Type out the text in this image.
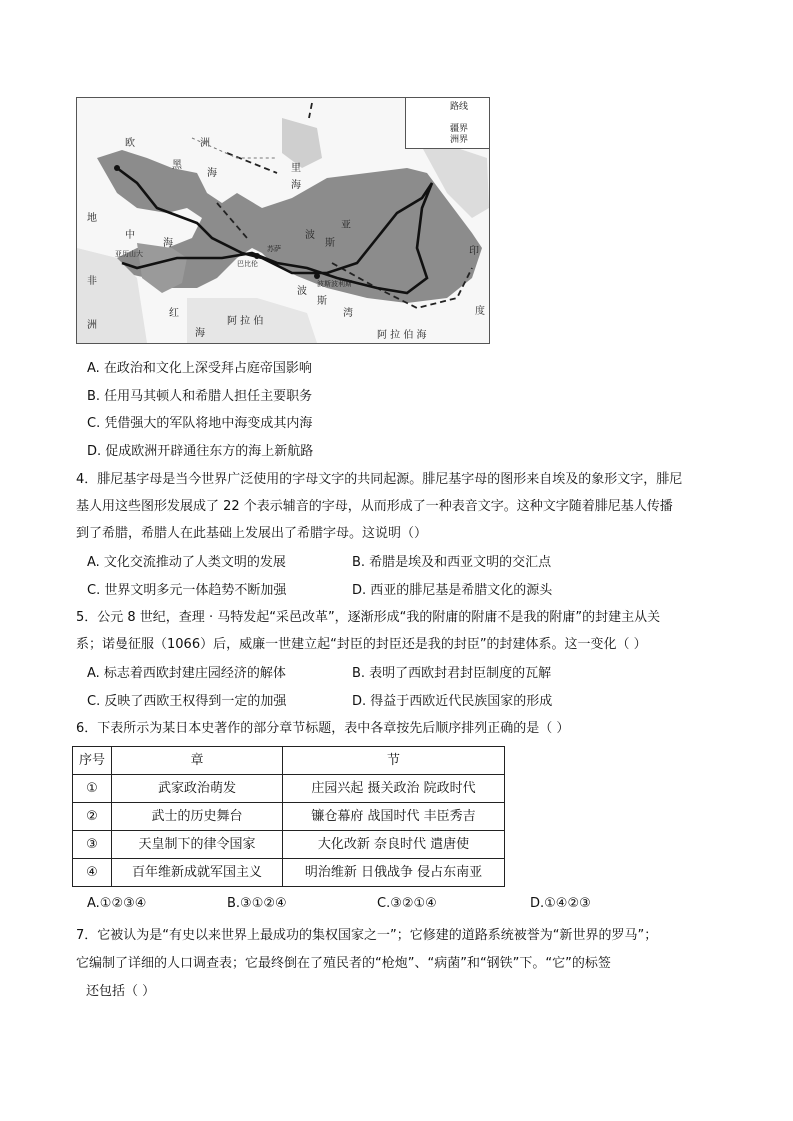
路线
疆界
洲界
欧	洲
黑
海	里
海
地
中
海
非
洲
红
海
阿 拉 伯
波
波
斯
斯
湾
亚
印
度
阿 拉 伯 海
巴比伦
亚历山大
苏萨
波斯波利斯
A. 在政治和文化上深受拜占庭帝国影响
B. 任用马其顿人和希腊人担任主要职务
C. 凭借强大的军队将地中海变成其内海
D. 促成欧洲开辟通往东方的海上新航路
4．腓尼基字母是当今世界广泛使用的字母文字的共同起源。腓尼基字母的图形来自埃及的象形文字，腓尼
基人用这些图形发展成了 22 个表示辅音的字母，从而形成了一种表音文字。这种文字随着腓尼基人传播
到了希腊，希腊人在此基础上发展出了希腊字母。这说明（）
A. 文化交流推动了人类文明的发展	B. 希腊是埃及和西亚文明的交汇点
C. 世界文明多元一体趋势不断加强	D. 西亚的腓尼基是希腊文化的源头
5．公元 8 世纪，查理 · 马特发起“采邑改革”，逐渐形成“我的附庸的附庸不是我的附庸”的封建主从关
系；诺曼征服（1066）后，威廉一世建立起“封臣的封臣还是我的封臣”的封建体系。这一变化（ ）
A. 标志着西欧封建庄园经济的解体	B. 表明了西欧封君封臣制度的瓦解
C. 反映了西欧王权得到一定的加强	D. 得益于西欧近代民族国家的形成
6．下表所示为某日本史著作的部分章节标题，表中各章按先后顺序排列正确的是（ ）
序号	章	节
①	武家政治萌发	庄园兴起 摄关政治 院政时代
②	武士的历史舞台	镰仓幕府 战国时代 丰臣秀吉
③	天皇制下的律令国家	大化改新 奈良时代 遣唐使
④	百年维新成就军国主义	明治维新 日俄战争 侵占东南亚
A.①②③④	B.③①②④	C.③②①④	D.①④②③
7．它被认为是“有史以来世界上最成功的集权国家之一”；它修建的道路系统被誉为“新世界的罗马”；
它编制了详细的人口调查表；它最终倒在了殖民者的“枪炮”、“病菌”和“钢铁”下。“它”的标签
还包括（ ）
